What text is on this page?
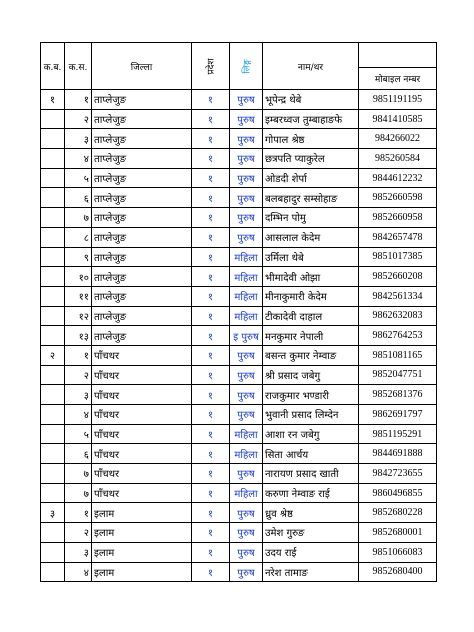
क.ब.	क.स.	जिल्ला	प्रदेश	लिङ्ग	नाम/थर	
						मोबाइल नम्बर
१	१	ताप्लेजुङ	१	पुरुष	भूपेन्द्र थेबे	9851191195
	२	ताप्लेजुङ	१	पुरुष	इम्बरध्वज तुम्बाहाङफे	9841410585
	३	ताप्लेजुङ	१	पुरुष	गोपाल श्रेष्ठ	984266022
	४	ताप्लेजुङ	१	पुरुष	छत्रपति प्याकुरेल	985260584
	५	ताप्लेजुङ	१	पुरुष	ओडदी शेर्पा	9844612232
	६	ताप्लेजुङ	१	पुरुष	बलबहादुर सम्सोहाङ	9852660598
	७	ताप्लेजुङ	१	पुरुष	दम्भिन पोमु	9852660958
	८	ताप्लेजुङ	१	पुरुष	आसलाल केदेम	9842657478
	९	ताप्लेजुङ	१	महिला	उर्मिला थेबे	9851017385
	१०	ताप्लेजुङ	१	महिला	भीमादेवी ओझा	9852660208
	११	ताप्लेजुङ	१	महिला	मीनाकुमारी केदेम	9842561334
	१२	ताप्लेजुङ	१	महिला	टीकादेवी दाहाल	9862632083
	१३	ताप्लेजुङ	१	इ पुरुष	मनकुमार नेपाली	9862764253
२	१	पाँचथर	१	पुरुष	बसन्त कुमार नेम्वाङ	9851081165
	२	पाँचथर	१	पुरुष	श्री प्रसाद जबेगु	9852047751
	३	पाँचथर	१	पुरुष	राजकुमार भण्डारी	9852681376
	४	पाँचथर	१	पुरुष	भुवानी प्रसाद लिम्देन	9862691797
	५	पाँचथर	१	महिला	आशा रन जबेगु	9851195291
	६	पाँचथर	१	महिला	सिता आर्चय	9844691888
	७	पाँचथर	१	पुरुष	नारायण प्रसाद खाती	9842723655
	७	पाँचथर	१	महिला	करुणा नेम्वाङ राई	9860496855
३	१	इलाम	१	पुरुष	ध्रुव श्रेष्ठ	9852680228
	२	इलाम	१	पुरुष	उमेश गुरुङ	9852680001
	३	इलाम	१	पुरुष	उदय राई	9851066083
	४	इलाम	१	पुरुष	नरेश तामाङ	9852680400
